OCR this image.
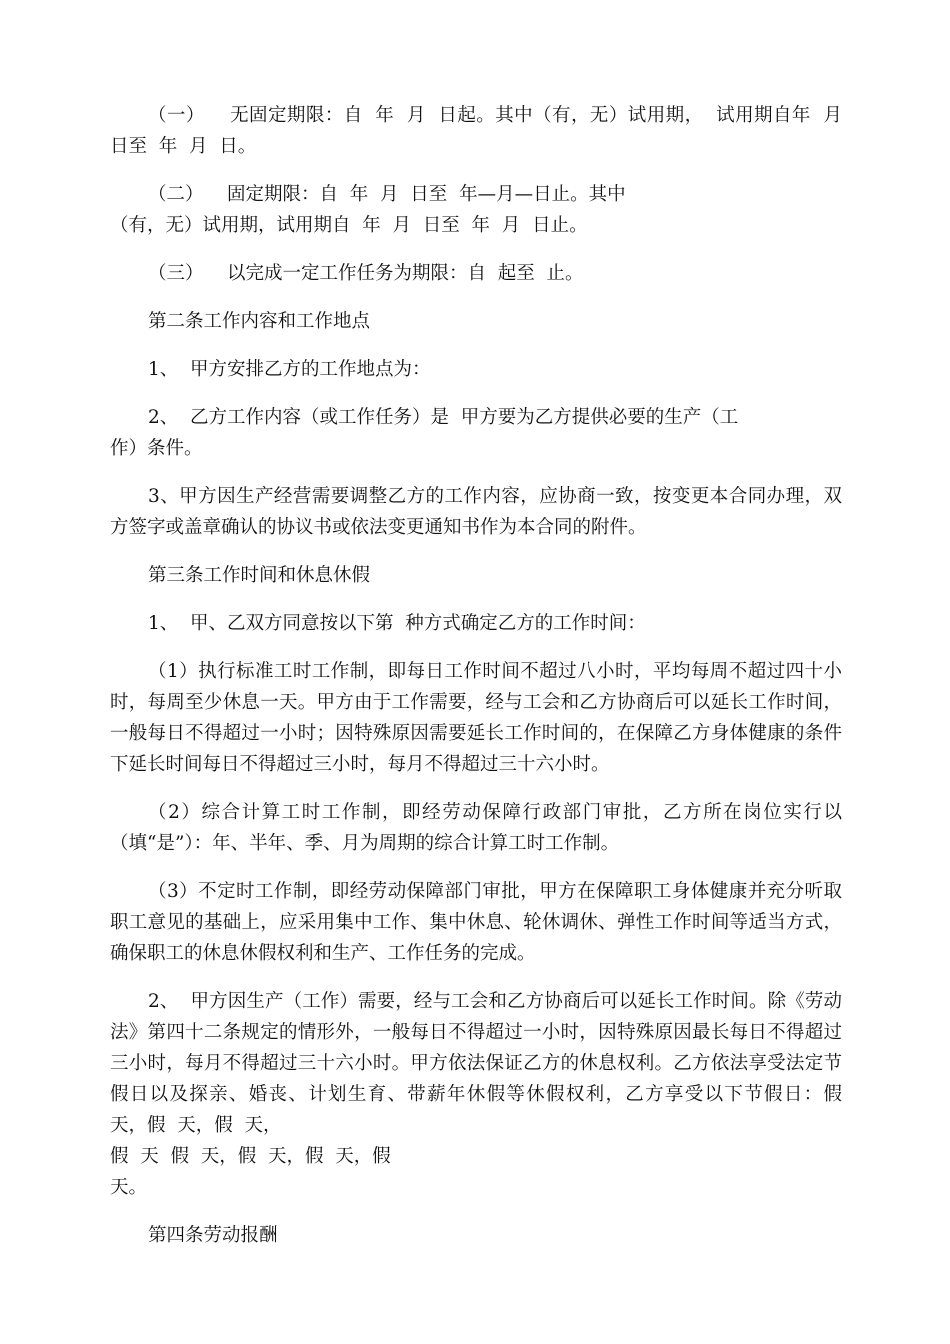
（一）    无固定期限：自  年  月  日起。其中（有，无）试用期，  试用期自年  月  日至  年  月  日。

（二）    固定期限：自  年  月  日至  年—月—日止。其中
（有，无）试用期，试用期自  年  月  日至  年  月  日止。

（三）    以完成一定工作任务为期限：自  起至  止。

第二条工作内容和工作地点

1、  甲方安排乙方的工作地点为：

2、  乙方工作内容（或工作任务）是  甲方要为乙方提供必要的生产（工
作）条件。

3、甲方因生产经营需要调整乙方的工作内容，应协商一致，按变更本合同办理，双方签字或盖章确认的协议书或依法变更通知书作为本合同的附件。

第三条工作时间和休息休假

1、  甲、乙双方同意按以下第  种方式确定乙方的工作时间：

（1）执行标准工时工作制，即每日工作时间不超过八小时，平均每周不超过四十小时，每周至少休息一天。甲方由于工作需要，经与工会和乙方协商后可以延长工作时间，一般每日不得超过一小时；因特殊原因需要延长工作时间的，在保障乙方身体健康的条件下延长时间每日不得超过三小时，每月不得超过三十六小时。

（2）综合计算工时工作制，即经劳动保障行政部门审批，乙方所在岗位实行以（填“是”）：年、半年、季、月为周期的综合计算工时工作制。

（3）不定时工作制，即经劳动保障部门审批，甲方在保障职工身体健康并充分听取职工意见的基础上，应采用集中工作、集中休息、轮休调休、弹性工作时间等适当方式，确保职工的休息休假权利和生产、工作任务的完成。

2、  甲方因生产（工作）需要，经与工会和乙方协商后可以延长工作时间。除《劳动法》第四十二条规定的情形外，一般每日不得超过一小时，因特殊原因最长每日不得超过三小时，每月不得超过三十六小时。甲方依法保证乙方的休息权利。乙方依法享受法定节假日以及探亲、婚丧、计划生育、带薪年休假等休假权利，乙方享受以下节假日：假  天，假  天，假  天，

假  天  假  天，假  天，假  天，假

天。

第四条劳动报酬
